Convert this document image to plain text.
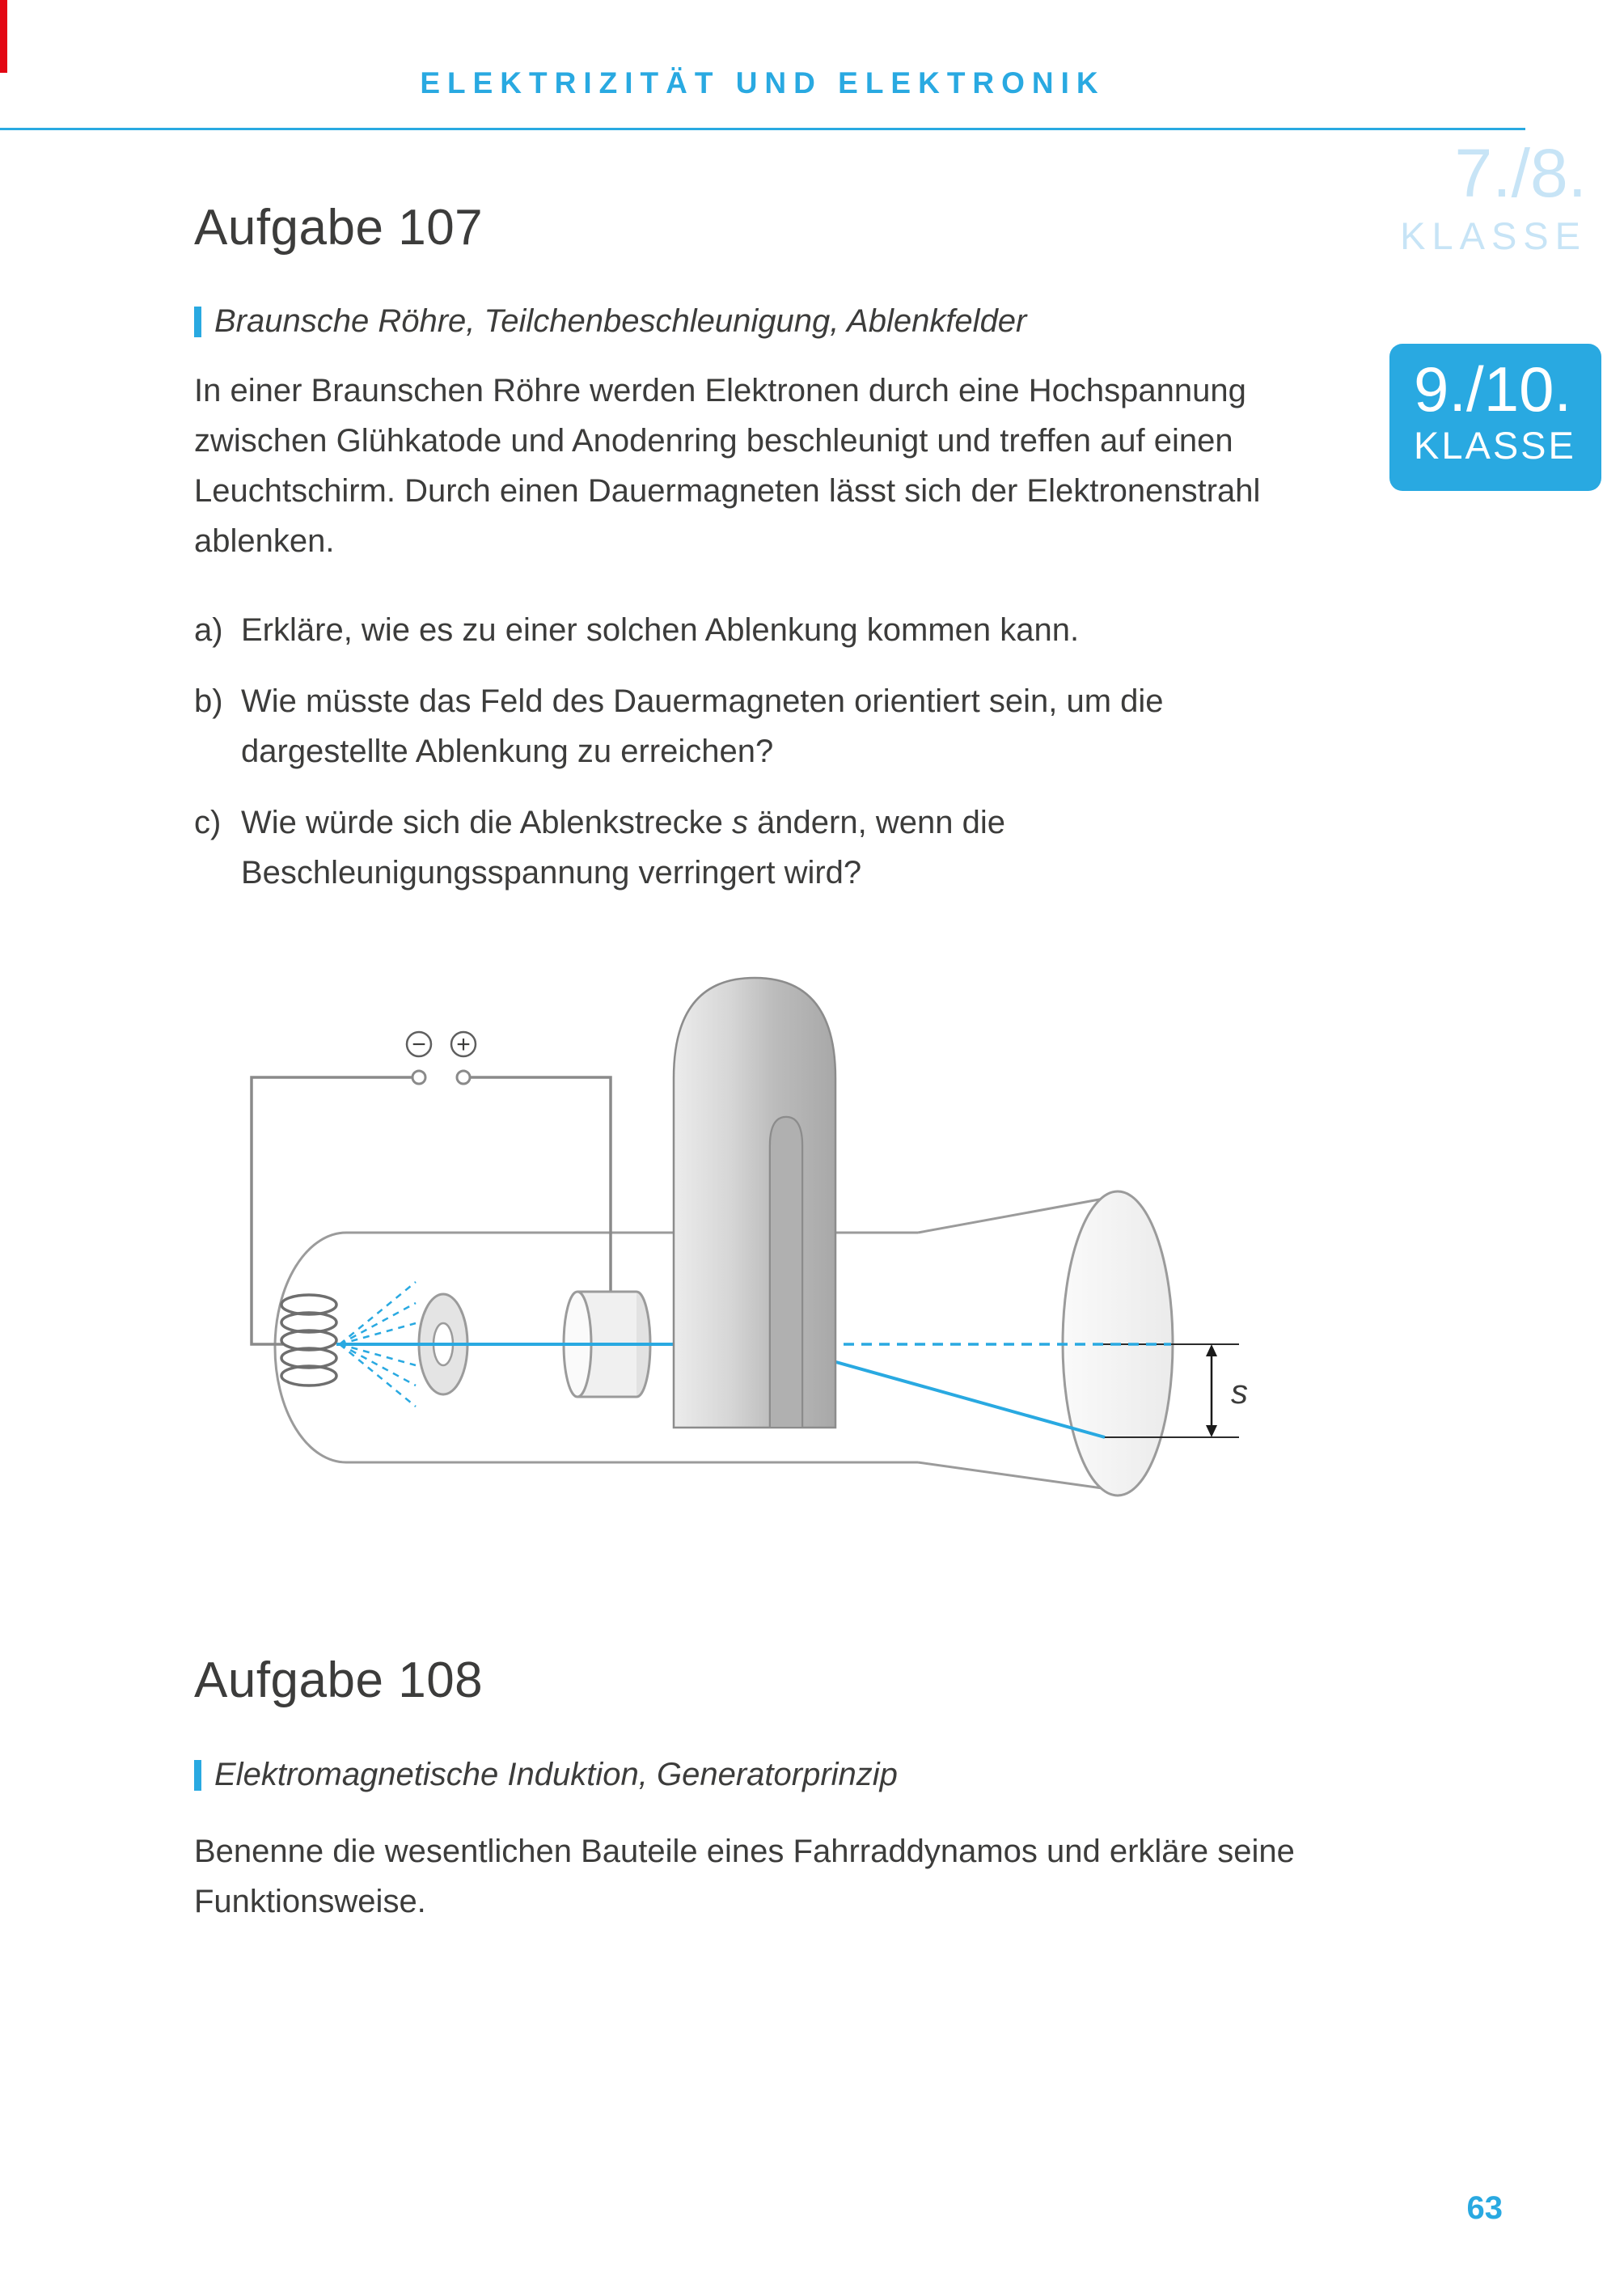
ELEKTRIZITÄT UND ELEKTRONIK
7./8.
KLASSE
9./10.
KLASSE
Aufgabe 107
Braunsche Röhre, Teilchenbeschleunigung, Ablenkfelder
In einer Braunschen Röhre werden Elektronen durch eine Hochspannung zwischen Glühkatode und Anodenring beschleunigt und treffen auf einen Leuchtschirm. Durch einen Dauermagneten lässt sich der Elektronenstrahl ablenken.
a) Erkläre, wie es zu einer solchen Ablenkung kommen kann.
b) Wie müsste das Feld des Dauermagneten orientiert sein, um die dargestellte Ablenkung zu erreichen?
c) Wie würde sich die Ablenkstrecke s ändern, wenn die Beschleunigungsspannung verringert wird?
− +
s
Aufgabe 108
Elektromagnetische Induktion, Generatorprinzip
Benenne die wesentlichen Bauteile eines Fahrraddynamos und erkläre seine Funktionsweise.
63
